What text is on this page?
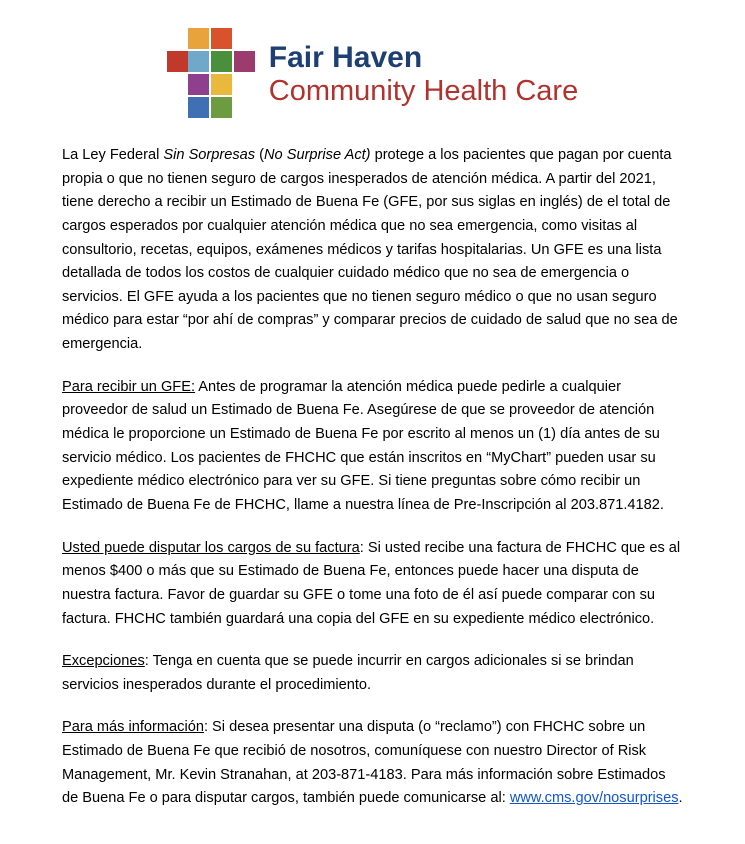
Fair Haven
Community Health Care

La Ley Federal Sin Sorpresas (No Surprise Act) protege a los pacientes que pagan por cuenta propia o que no tienen seguro de cargos inesperados de atención médica. A partir del 2021, tiene derecho a recibir un Estimado de Buena Fe (GFE, por sus siglas en inglés) de el total de cargos esperados por cualquier atención médica que no sea emergencia, como visitas al consultorio, recetas, equipos, exámenes médicos y tarifas hospitalarias. Un GFE es una lista detallada de todos los costos de cualquier cuidado médico que no sea de emergencia o servicios. El GFE ayuda a los pacientes que no tienen seguro médico o que no usan seguro médico para estar “por ahí de compras” y comparar precios de cuidado de salud que no sea de emergencia.

Para recibir un GFE: Antes de programar la atención médica puede pedirle a cualquier proveedor de salud un Estimado de Buena Fe. Asegúrese de que se proveedor de atención médica le proporcione un Estimado de Buena Fe por escrito al menos un (1) día antes de su servicio médico. Los pacientes de FHCHC que están inscritos en “MyChart” pueden usar su expediente médico electrónico para ver su GFE. Si tiene preguntas sobre cómo recibir un Estimado de Buena Fe de FHCHC, llame a nuestra línea de Pre-Inscripción al 203.871.4182.

Usted puede disputar los cargos de su factura: Si usted recibe una factura de FHCHC que es al menos $400 o más que su Estimado de Buena Fe, entonces puede hacer una disputa de nuestra factura. Favor de guardar su GFE o tome una foto de él así puede comparar con su factura. FHCHC también guardará una copia del GFE en su expediente médico electrónico.

Excepciones: Tenga en cuenta que se puede incurrir en cargos adicionales si se brindan servicios inesperados durante el procedimiento.

Para más información: Si desea presentar una disputa (o “reclamo”) con FHCHC sobre un Estimado de Buena Fe que recibió de nosotros, comuníquese con nuestro Director of Risk Management, Mr. Kevin Stranahan, at 203-871-4183. Para más información sobre Estimados de Buena Fe o para disputar cargos, también puede comunicarse al: www.cms.gov/nosurprises.
